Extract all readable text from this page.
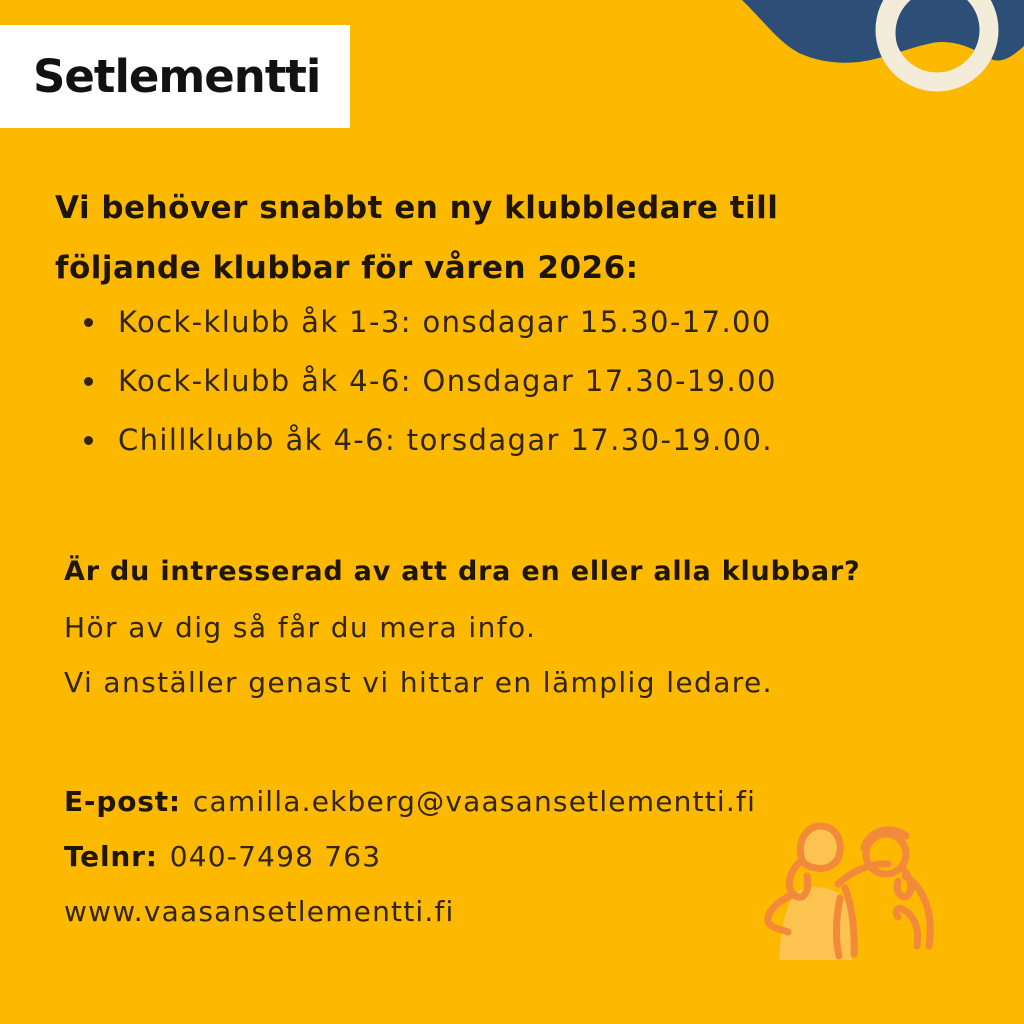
Setlementti
Vi behöver snabbt en ny klubbledare till
följande klubbar för våren 2026:
Kock-klubb åk 1-3: onsdagar 15.30-17.00
Kock-klubb åk 4-6: Onsdagar 17.30-19.00
Chillklubb åk 4-6: torsdagar 17.30-19.00.

Är du intresserad av att dra en eller alla klubbar?

Hör av dig så får du mera info.

Vi anställer genast vi hittar en lämplig ledare.

E-post: camilla.ekberg@vaasansetlementti.fi

Telnr: 040-7498 763

www.vaasansetlementti.fi
